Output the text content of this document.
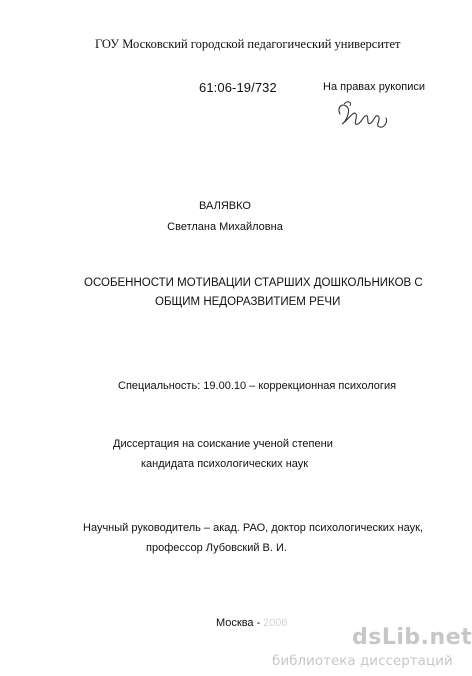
ГОУ Московский городской педагогический университет
61:06-19/732	На правах рукописи
ВАЛЯВКО
Светлана Михайловна
ОСОБЕННОСТИ МОТИВАЦИИ СТАРШИХ ДОШКОЛЬНИКОВ С
ОБЩИМ НЕДОРАЗВИТИЕМ РЕЧИ
Специальность: 19.00.10 – коррекционная психология
Диссертация на соискание ученой степени
кандидата психологических наук
Научный руководитель – акад. РАО, доктор психологических наук,
профессор Лубовский В. И.
Москва - 2006
dsLib.net
библиотека диссертаций
